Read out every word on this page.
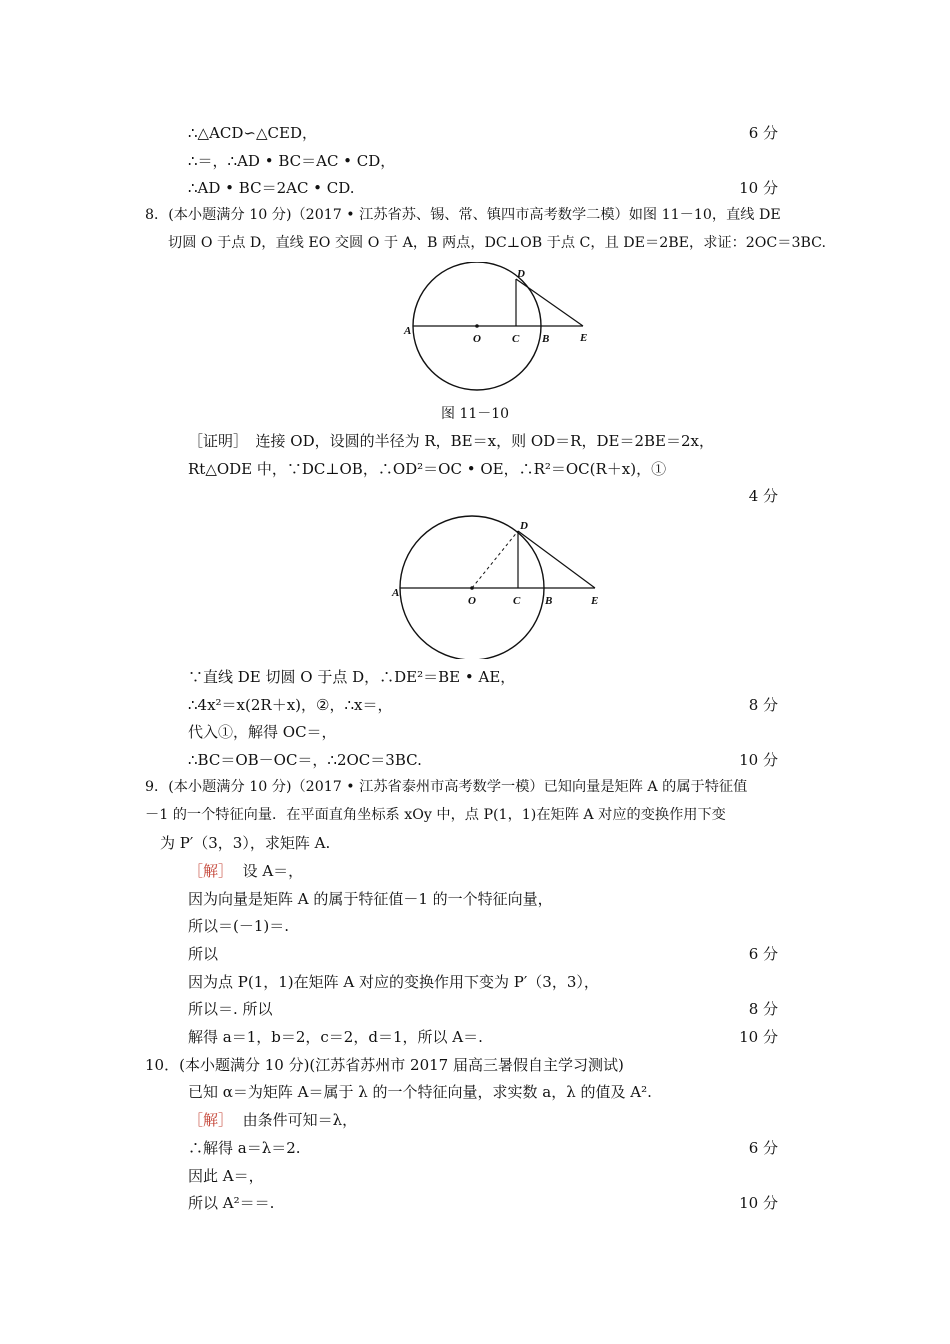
∴△ACD∽△CED，	6 分
∴＝，∴AD • BC＝AC • CD，
∴AD • BC＝2AC • CD.	10 分
8．(本小题满分 10 分)（2017 • 江苏省苏、锡、常、镇四市高考数学二模）如图 11－10，直线 DE
切圆 O 于点 D，直线 EO 交圆 O 于 A，B 两点，DC⊥OB 于点 C，且 DE＝2BE，求证：2OC＝3BC.
A
O	C B	E
D
图 11－10
［证明］　连接 OD，设圆的半径为 R，BE＝x，则 OD＝R，DE＝2BE＝2x，
Rt△ODE 中，∵DC⊥OB，∴OD²＝OC • OE，∴R²＝OC(R＋x)，①
4 分
A
O	C B	E
D
∵直线 DE 切圆 O 于点 D，∴DE²＝BE • AE，
∴4x²＝x(2R＋x)，②，∴x＝，	8 分
代入①，解得 OC＝，
∴BC＝OB－OC＝，∴2OC＝3BC.	10 分
9．(本小题满分 10 分)（2017 • 江苏省泰州市高考数学一模）已知向量是矩阵 A 的属于特征值
－1 的一个特征向量．在平面直角坐标系 xOy 中，点 P(1，1)在矩阵 A 对应的变换作用下变
为 P′（3，3），求矩阵 A.
［解］ 设 A＝，
因为向量是矩阵 A 的属于特征值－1 的一个特征向量，
所以＝(－1)＝.
所以	6 分
因为点 P(1，1)在矩阵 A 对应的变换作用下变为 P′（3，3），
所以＝. 所以	8 分
解得 a＝1，b＝2，c＝2，d＝1，所以 A＝.	10 分
10．(本小题满分 10 分)(江苏省苏州市 2017 届高三暑假自主学习测试)
已知 α＝为矩阵 A＝属于 λ 的一个特征向量，求实数 a，λ 的值及 A².
［解］ 由条件可知＝λ，
∴解得 a＝λ＝2.	6 分
因此 A＝，
所以 A²＝＝.	10 分
